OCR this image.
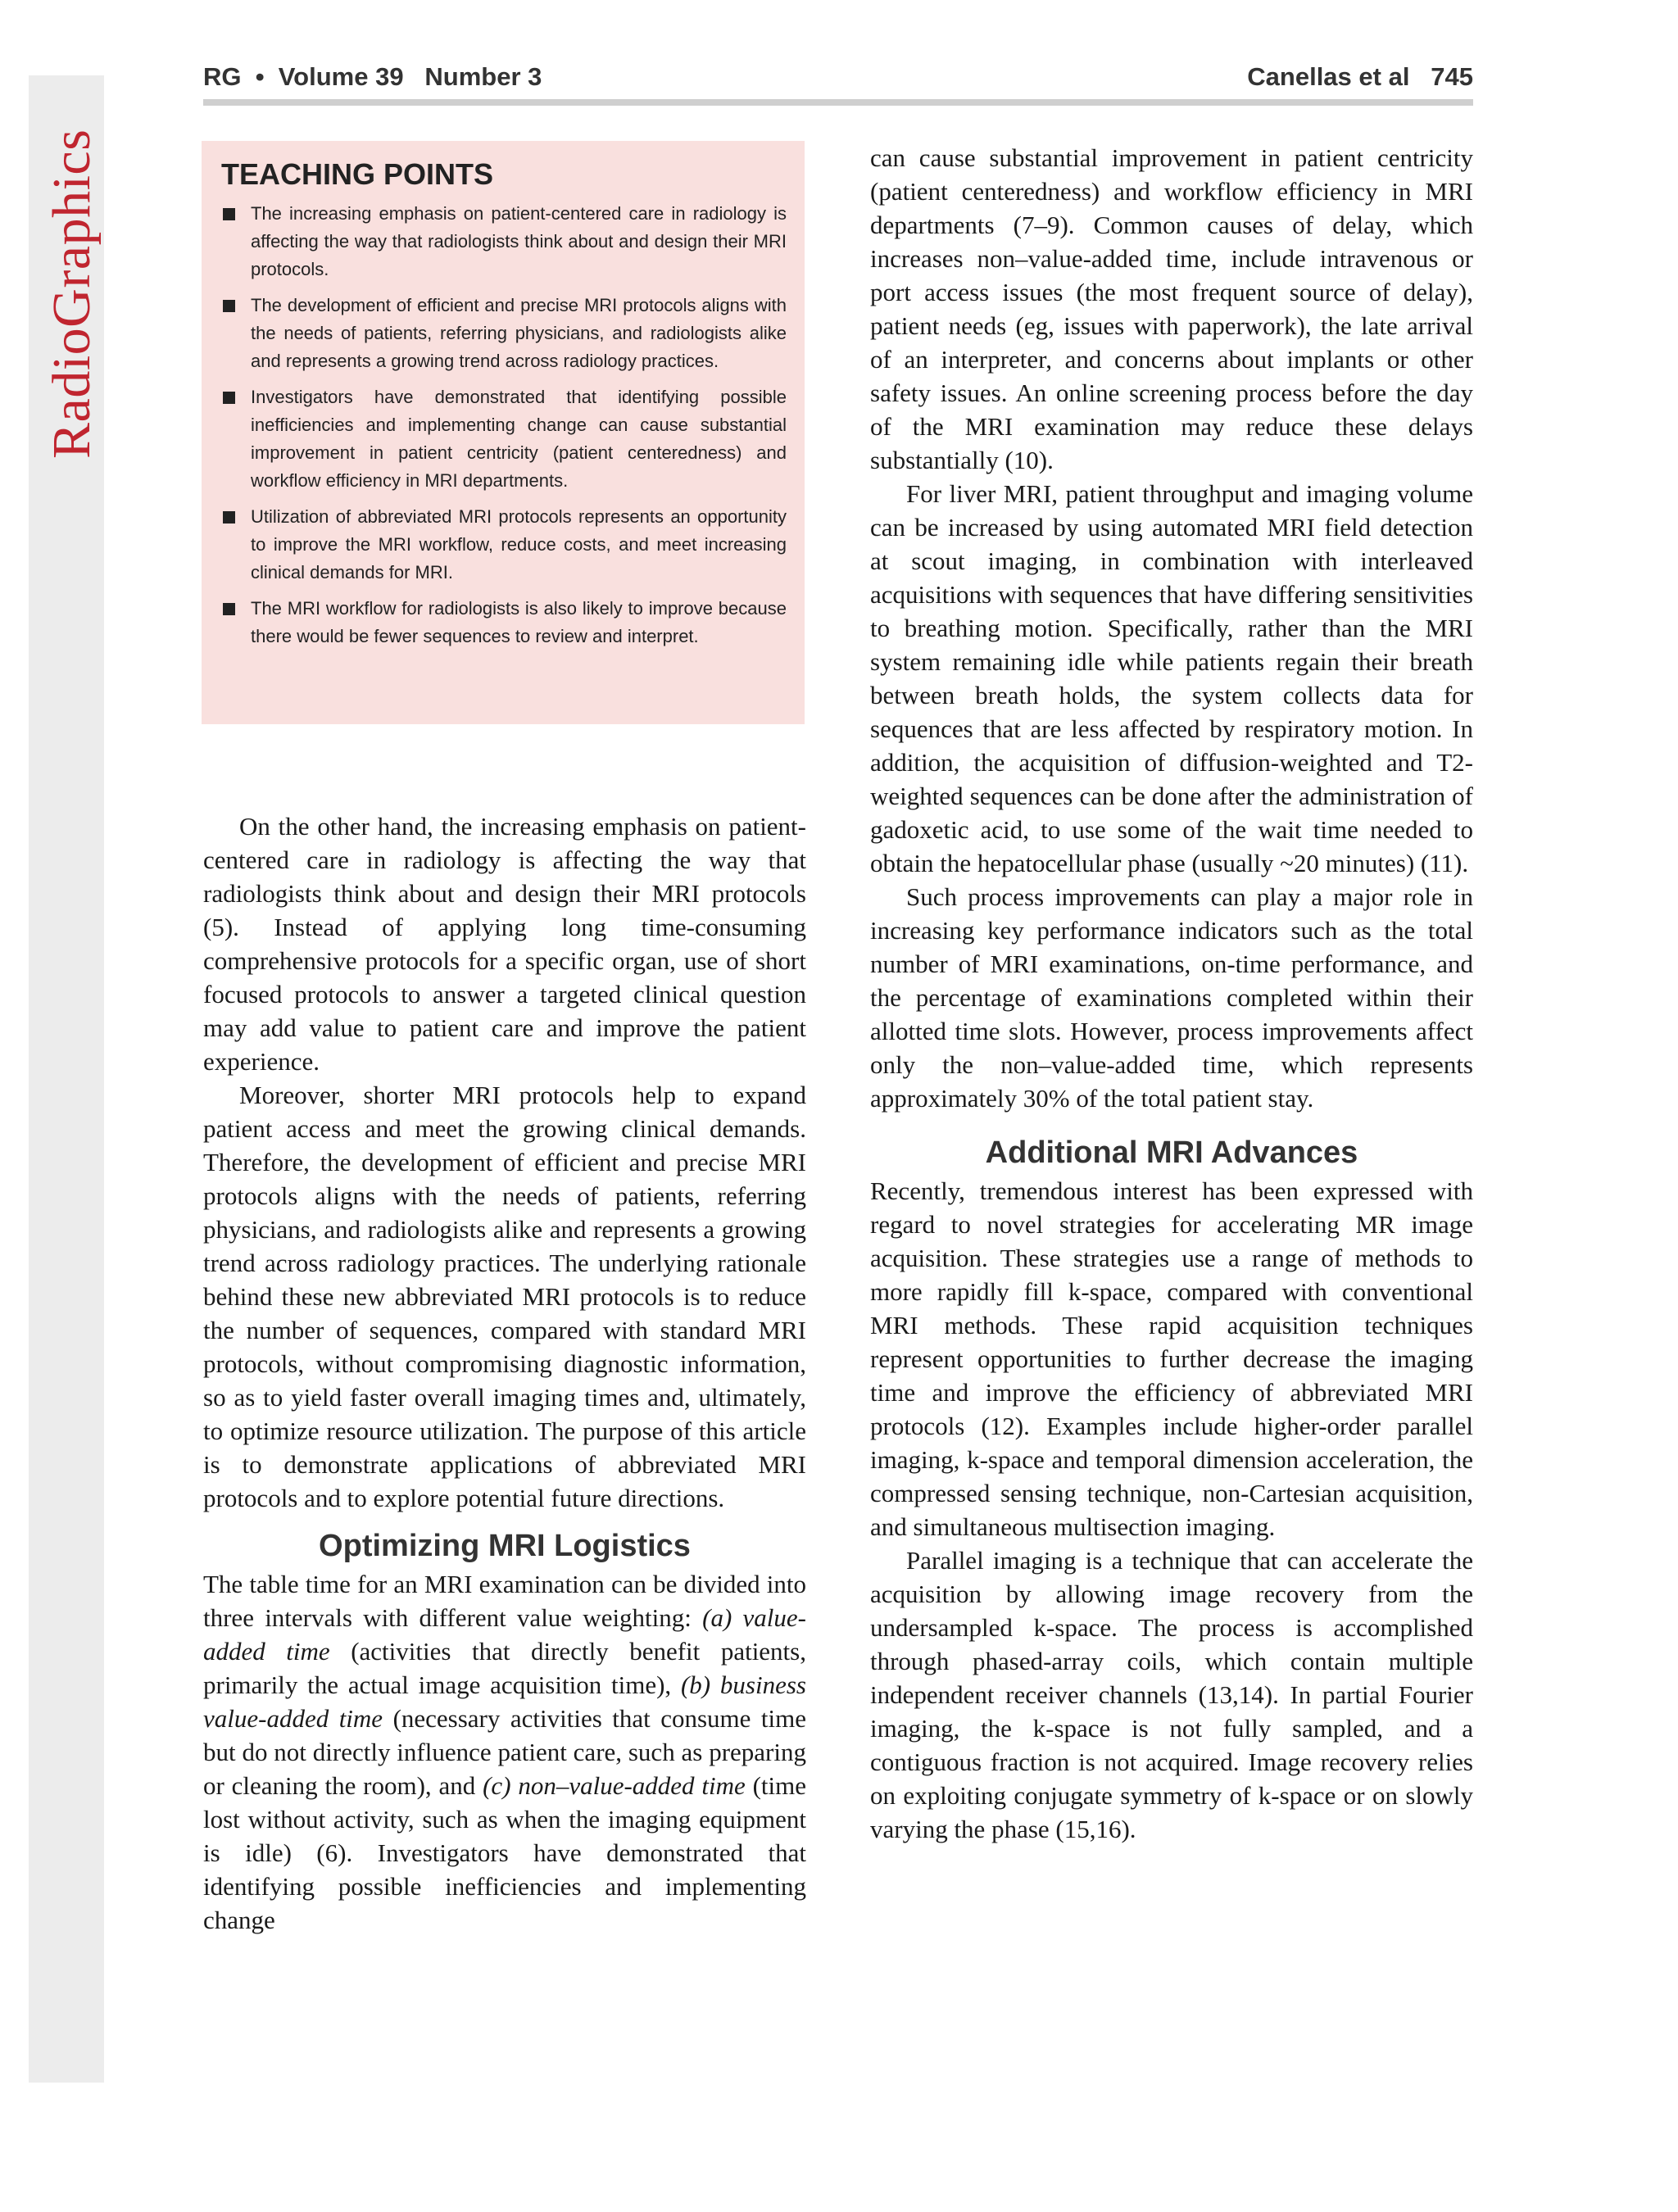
RadioGraphics
RG  •  Volume 39   Number 3	Canellas et al   745
TEACHING POINTS
The increasing emphasis on patient-centered care in radiology is affecting the way that radiologists think about and design their MRI protocols.
The development of efficient and precise MRI protocols aligns with the needs of patients, referring physicians, and radiologists alike and represents a growing trend across radiology practices.
Investigators have demonstrated that identifying possible inefficiencies and implementing change can cause substantial improvement in patient centricity (patient centeredness) and workflow efficiency in MRI departments.
Utilization of abbreviated MRI protocols represents an opportunity to improve the MRI workflow, reduce costs, and meet increasing clinical demands for MRI.
The MRI workflow for radiologists is also likely to improve because there would be fewer sequences to review and interpret.

On the other hand, the increasing emphasis on patient-centered care in radiology is affecting the way that radiologists think about and design their MRI protocols (5). Instead of applying long time-consuming comprehensive protocols for a specific organ, use of short focused protocols to answer a targeted clinical question may add value to patient care and improve the patient experience.

Moreover, shorter MRI protocols help to expand patient access and meet the growing clinical demands. Therefore, the development of efficient and precise MRI protocols aligns with the needs of patients, referring physicians, and radiologists alike and represents a growing trend across radiology practices. The underlying rationale behind these new abbreviated MRI protocols is to reduce the number of sequences, compared with standard MRI protocols, without compromising diagnostic information, so as to yield faster overall imaging times and, ultimately, to optimize resource utilization. The purpose of this article is to demonstrate applications of abbreviated MRI protocols and to explore potential future directions.

Optimizing MRI Logistics

The table time for an MRI examination can be divided into three intervals with different value weighting: (a) value-added time (activities that directly benefit patients, primarily the actual image acquisition time), (b) business value-added time (necessary activities that consume time but do not directly influence patient care, such as preparing or cleaning the room), and (c) non–value-added time (time lost without activity, such as when the imaging equipment is idle) (6). Investigators have demonstrated that identifying possible inefficiencies and implementing change

can cause substantial improvement in patient centricity (patient centeredness) and workflow efficiency in MRI departments (7–9). Common causes of delay, which increases non–value-added time, include intravenous or port access issues (the most frequent source of delay), patient needs (eg, issues with paperwork), the late arrival of an interpreter, and concerns about implants or other safety issues. An online screening process before the day of the MRI examination may reduce these delays substantially (10).

For liver MRI, patient throughput and imaging volume can be increased by using automated MRI field detection at scout imaging, in combination with interleaved acquisitions with sequences that have differing sensitivities to breathing motion. Specifically, rather than the MRI system remaining idle while patients regain their breath between breath holds, the system collects data for sequences that are less affected by respiratory motion. In addition, the acquisition of diffusion-weighted and T2-weighted sequences can be done after the administration of gadoxetic acid, to use some of the wait time needed to obtain the hepatocellular phase (usually ~20 minutes) (11).

Such process improvements can play a major role in increasing key performance indicators such as the total number of MRI examinations, on-time performance, and the percentage of examinations completed within their allotted time slots. However, process improvements affect only the non–value-added time, which represents approximately 30% of the total patient stay.

Additional MRI Advances

Recently, tremendous interest has been expressed with regard to novel strategies for accelerating MR image acquisition. These strategies use a range of methods to more rapidly fill k-space, compared with conventional MRI methods. These rapid acquisition techniques represent opportunities to further decrease the imaging time and improve the efficiency of abbreviated MRI protocols (12). Examples include higher-order parallel imaging, k-space and temporal dimension acceleration, the compressed sensing technique, non-Cartesian acquisition, and simultaneous multisection imaging.

Parallel imaging is a technique that can accelerate the acquisition by allowing image recovery from the undersampled k-space. The process is accomplished through phased-array coils, which contain multiple independent receiver channels (13,14). In partial Fourier imaging, the k-space is not fully sampled, and a contiguous fraction is not acquired. Image recovery relies on exploiting conjugate symmetry of k-space or on slowly varying the phase (15,16).
